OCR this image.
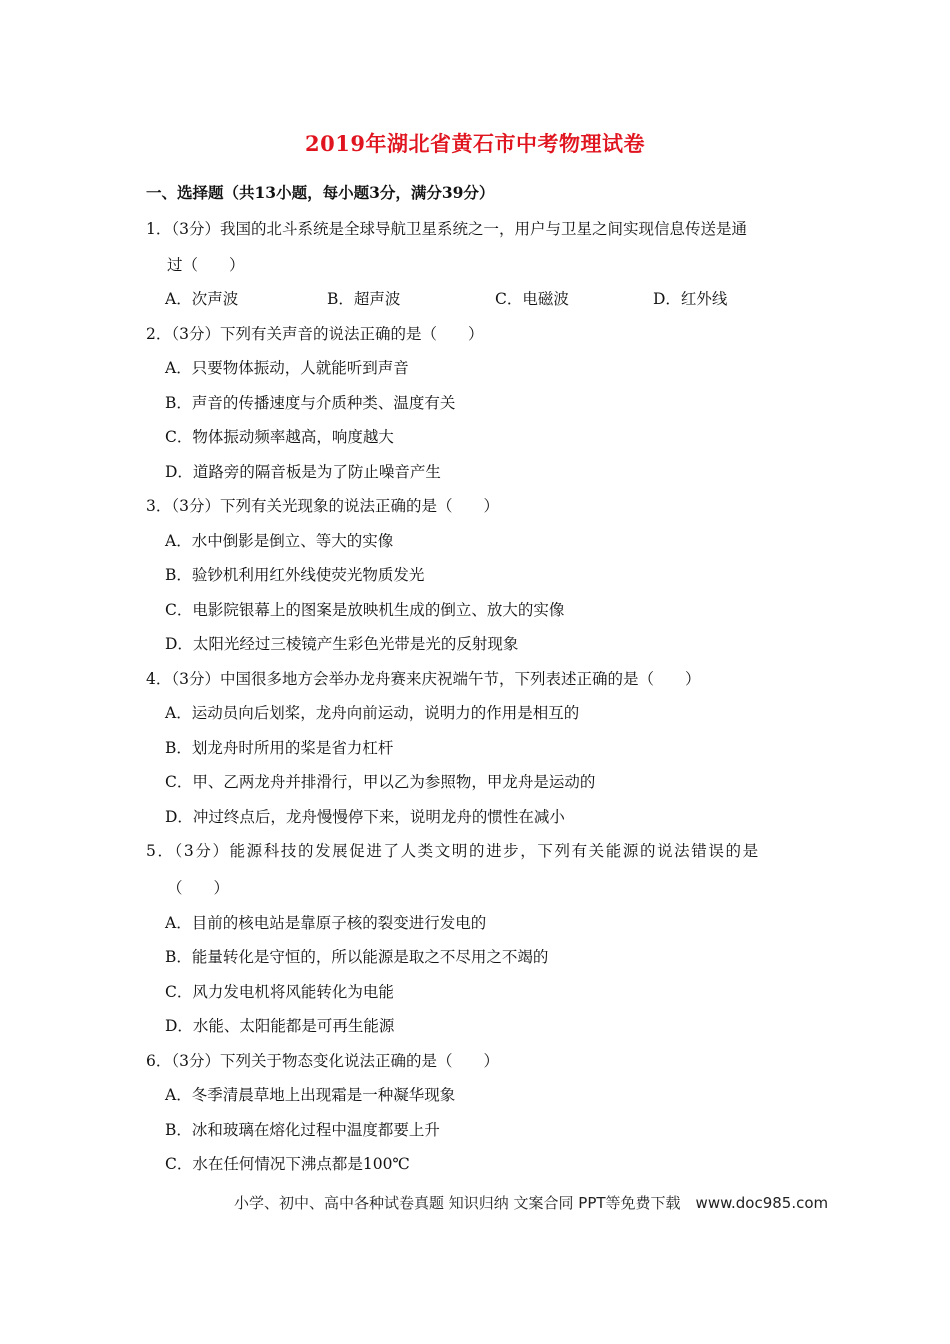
2019年湖北省黄石市中考物理试卷
一、选择题（共13小题，每小题3分，满分39分）
1．（3分）我国的北斗系统是全球导航卫星系统之一，用户与卫星之间实现信息传送是通
过（　　）
A．次声波	B．超声波	C．电磁波	D．红外线
2．（3分）下列有关声音的说法正确的是（　　）
A．只要物体振动，人就能听到声音
B．声音的传播速度与介质种类、温度有关
C．物体振动频率越高，响度越大
D．道路旁的隔音板是为了防止噪音产生
3．（3分）下列有关光现象的说法正确的是（　　）
A．水中倒影是倒立、等大的实像
B．验钞机利用红外线使荧光物质发光
C．电影院银幕上的图案是放映机生成的倒立、放大的实像
D．太阳光经过三棱镜产生彩色光带是光的反射现象
4．（3分）中国很多地方会举办龙舟赛来庆祝端午节，下列表述正确的是（　　）
A．运动员向后划桨，龙舟向前运动，说明力的作用是相互的
B．划龙舟时所用的桨是省力杠杆
C．甲、乙两龙舟并排滑行，甲以乙为参照物，甲龙舟是运动的
D．冲过终点后，龙舟慢慢停下来，说明龙舟的惯性在减小
5．（3分）能源科技的发展促进了人类文明的进步，下列有关能源的说法错误的是
（　　）
A．目前的核电站是靠原子核的裂变进行发电的
B．能量转化是守恒的，所以能源是取之不尽用之不竭的
C．风力发电机将风能转化为电能
D．水能、太阳能都是可再生能源
6．（3分）下列关于物态变化说法正确的是（　　）
A．冬季清晨草地上出现霜是一种凝华现象
B．冰和玻璃在熔化过程中温度都要上升
C．水在任何情况下沸点都是100℃
小学、初中、高中各种试卷真题 知识归纳 文案合同 PPT等免费下载　www.doc985.com
